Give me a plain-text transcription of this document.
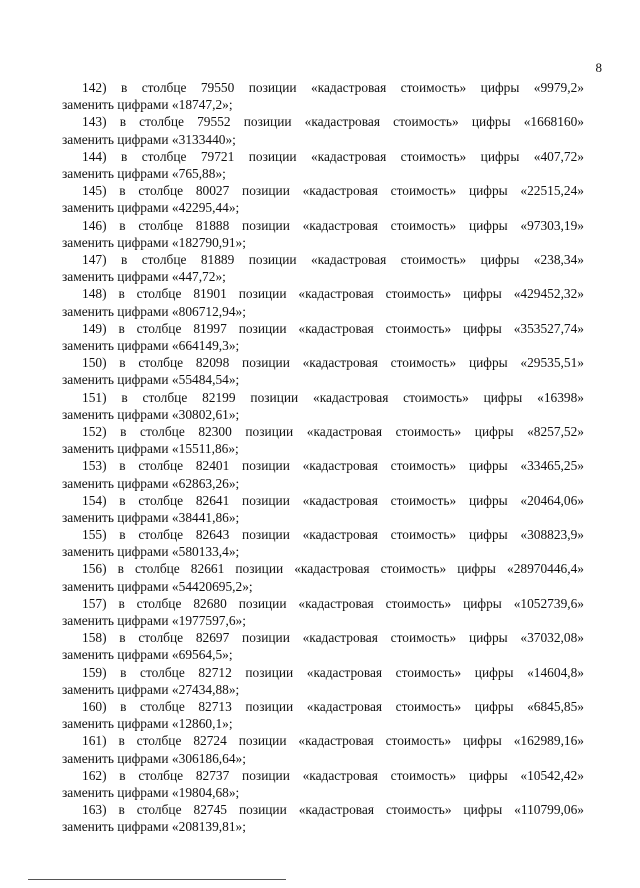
8
142) в столбце 79550 позиции «кадастровая стоимость» цифры «9979,2»
заменить цифрами «18747,2»;
143) в столбце 79552 позиции «кадастровая стоимость» цифры «1668160»
заменить цифрами «3133440»;
144) в столбце 79721 позиции «кадастровая стоимость» цифры «407,72»
заменить цифрами «765,88»;
145) в столбце 80027 позиции «кадастровая стоимость» цифры «22515,24»
заменить цифрами «42295,44»;
146) в столбце 81888 позиции «кадастровая стоимость» цифры «97303,19»
заменить цифрами «182790,91»;
147) в столбце 81889 позиции «кадастровая стоимость» цифры «238,34»
заменить цифрами «447,72»;
148) в столбце 81901 позиции «кадастровая стоимость» цифры «429452,32»
заменить цифрами «806712,94»;
149) в столбце 81997 позиции «кадастровая стоимость» цифры «353527,74»
заменить цифрами «664149,3»;
150) в столбце 82098 позиции «кадастровая стоимость» цифры «29535,51»
заменить цифрами «55484,54»;
151) в столбце 82199 позиции «кадастровая стоимость» цифры «16398»
заменить цифрами «30802,61»;
152) в столбце 82300 позиции «кадастровая стоимость» цифры «8257,52»
заменить цифрами «15511,86»;
153) в столбце 82401 позиции «кадастровая стоимость» цифры «33465,25»
заменить цифрами «62863,26»;
154) в столбце 82641 позиции «кадастровая стоимость» цифры «20464,06»
заменить цифрами «38441,86»;
155) в столбце 82643 позиции «кадастровая стоимость» цифры «308823,9»
заменить цифрами «580133,4»;
156) в столбце 82661 позиции «кадастровая стоимость» цифры «28970446,4»
заменить цифрами «54420695,2»;
157) в столбце 82680 позиции «кадастровая стоимость» цифры «1052739,6»
заменить цифрами «1977597,6»;
158) в столбце 82697 позиции «кадастровая стоимость» цифры «37032,08»
заменить цифрами «69564,5»;
159) в столбце 82712 позиции «кадастровая стоимость» цифры «14604,8»
заменить цифрами «27434,88»;
160) в столбце 82713 позиции «кадастровая стоимость» цифры «6845,85»
заменить цифрами «12860,1»;
161) в столбце 82724 позиции «кадастровая стоимость» цифры «162989,16»
заменить цифрами «306186,64»;
162) в столбце 82737 позиции «кадастровая стоимость» цифры «10542,42»
заменить цифрами «19804,68»;
163) в столбце 82745 позиции «кадастровая стоимость» цифры «110799,06»
заменить цифрами «208139,81»;
